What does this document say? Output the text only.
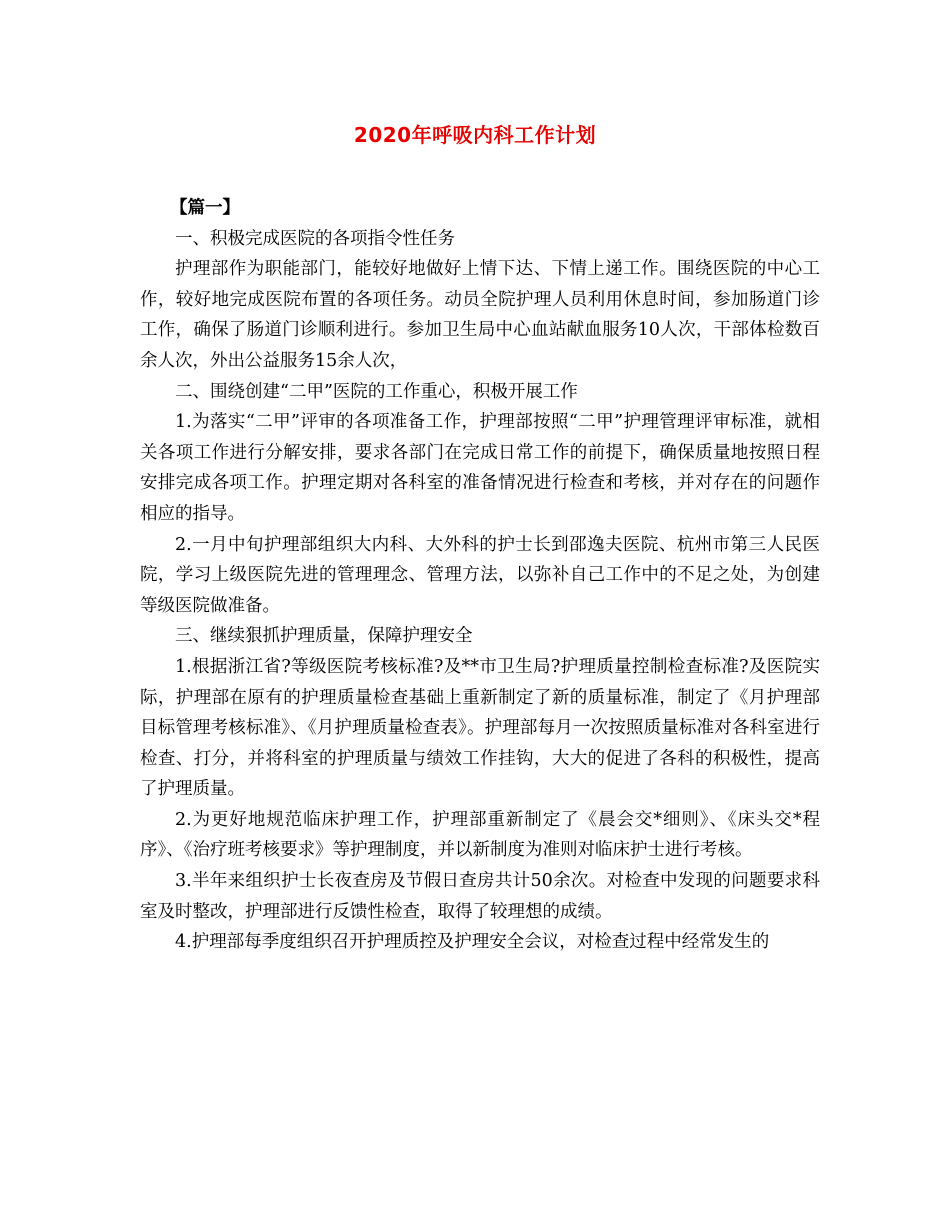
2020年呼吸内科工作计划

【篇一】

一、积极完成医院的各项指令性任务

护理部作为职能部门，能较好地做好上情下达、下情上递工作。围绕医院的中心工作，较好地完成医院布置的各项任务。动员全院护理人员利用休息时间，参加肠道门诊工作，确保了肠道门诊顺利进行。参加卫生局中心血站献血服务10人次，干部体检数百余人次，外出公益服务15余人次，

二、围绕创建“二甲”医院的工作重心，积极开展工作

1.为落实“二甲”评审的各项准备工作，护理部按照“二甲”护理管理评审标准，就相关各项工作进行分解安排，要求各部门在完成日常工作的前提下，确保质量地按照日程安排完成各项工作。护理定期对各科室的准备情况进行检查和考核，并对存在的问题作相应的指导。

2.一月中旬护理部组织大内科、大外科的护士长到邵逸夫医院、杭州市第三人民医院，学习上级医院先进的管理理念、管理方法，以弥补自己工作中的不足之处，为创建等级医院做准备。

三、继续狠抓护理质量，保障护理安全

1.根据浙江省?等级医院考核标准?及**市卫生局?护理质量控制检查标准?及医院实际，护理部在原有的护理质量检查基础上重新制定了新的质量标准，制定了《月护理部目标管理考核标准》、《月护理质量检查表》。护理部每月一次按照质量标准对各科室进行检查、打分，并将科室的护理质量与绩效工作挂钩，大大的促进了各科的积极性，提高了护理质量。

2.为更好地规范临床护理工作，护理部重新制定了《晨会交*细则》、《床头交*程序》、《治疗班考核要求》等护理制度，并以新制度为准则对临床护士进行考核。

3.半年来组织护士长夜查房及节假日查房共计50余次。对检查中发现的问题要求科室及时整改，护理部进行反馈性检查，取得了较理想的成绩。

4.护理部每季度组织召开护理质控及护理安全会议，对检查过程中经常发生的
